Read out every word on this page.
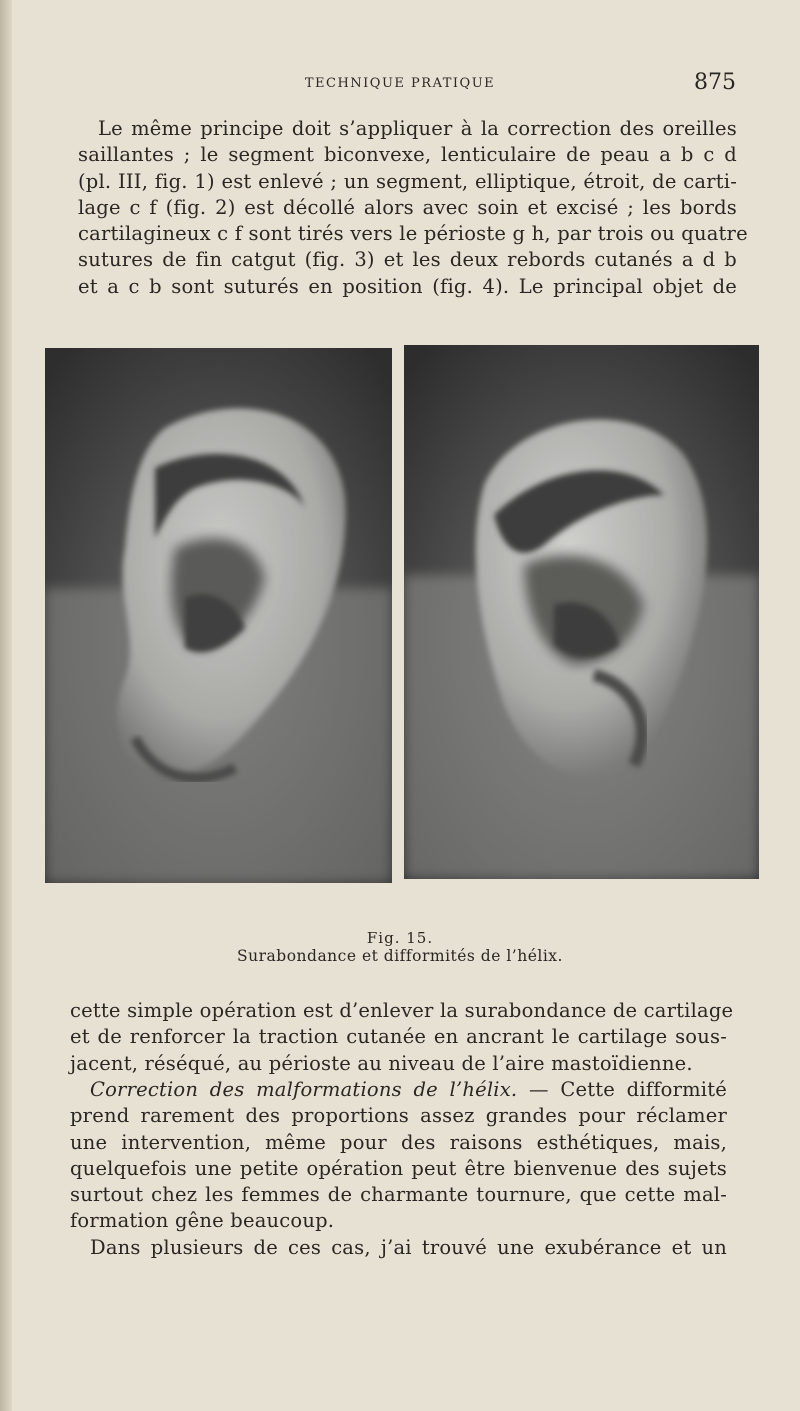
TECHNIQUE PRATIQUE	875
Le même principe doit s’appliquer à la correction des oreilles
saillantes ; le segment biconvexe, lenticulaire de peau a b c d
(pl. III, fig. 1) est enlevé ; un segment, elliptique, étroit, de carti-
lage c f (fig. 2) est décollé alors avec soin et excisé ; les bords
cartilagineux c f sont tirés vers le périoste g h, par trois ou quatre
sutures de fin catgut (fig. 3) et les deux rebords cutanés a d b
et a c b sont suturés en position (fig. 4). Le principal objet de
Fig. 15.
Surabondance et difformités de l’hélix.
cette simple opération est d’enlever la surabondance de cartilage
et de renforcer la traction cutanée en ancrant le cartilage sous-
jacent, réséqué, au périoste au niveau de l’aire mastoïdienne.
Correction des malformations de l’hélix. — Cette difformité
prend rarement des proportions assez grandes pour réclamer
une intervention, même pour des raisons esthétiques, mais,
quelquefois une petite opération peut être bienvenue des sujets
surtout chez les femmes de charmante tournure, que cette mal-
formation gêne beaucoup.
Dans plusieurs de ces cas, j’ai trouvé une exubérance et un
